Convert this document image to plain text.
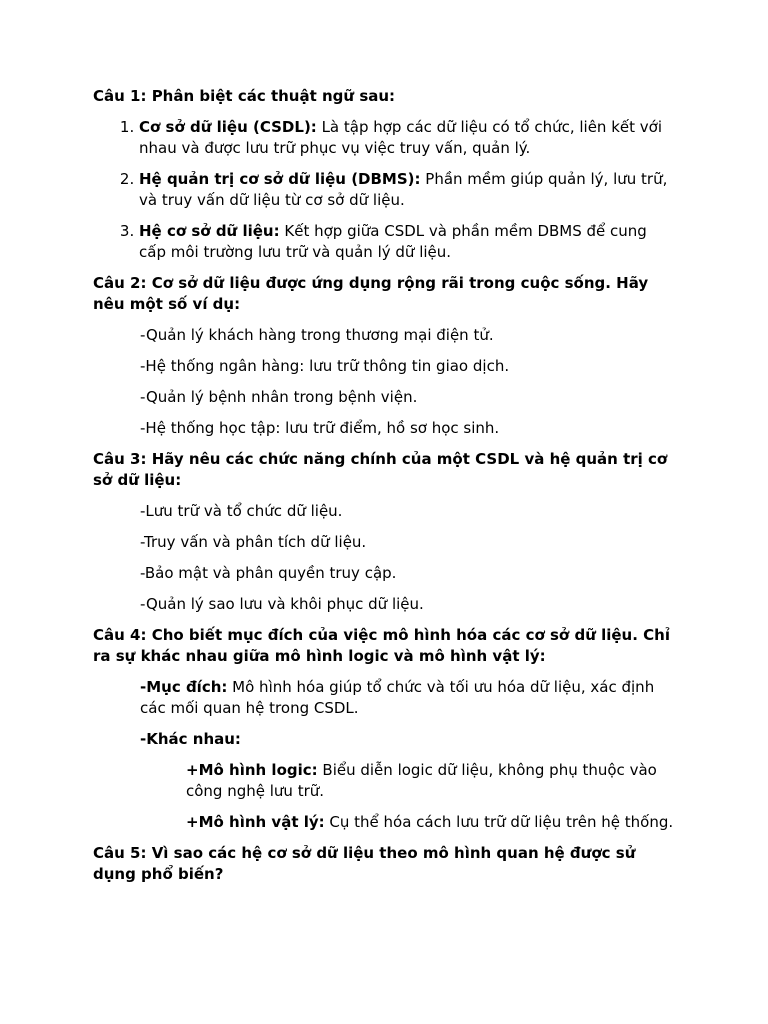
Câu 1: Phân biệt các thuật ngữ sau:
1. Cơ sở dữ liệu (CSDL): Là tập hợp các dữ liệu có tổ chức, liên kết với nhau và được lưu trữ phục vụ việc truy vấn, quản lý.
2. Hệ quản trị cơ sở dữ liệu (DBMS): Phần mềm giúp quản lý, lưu trữ, và truy vấn dữ liệu từ cơ sở dữ liệu.
3. Hệ cơ sở dữ liệu: Kết hợp giữa CSDL và phần mềm DBMS để cung cấp môi trường lưu trữ và quản lý dữ liệu.
Câu 2: Cơ sở dữ liệu được ứng dụng rộng rãi trong cuộc sống. Hãy nêu một số ví dụ:
-Quản lý khách hàng trong thương mại điện tử.
-Hệ thống ngân hàng: lưu trữ thông tin giao dịch.
-Quản lý bệnh nhân trong bệnh viện.
-Hệ thống học tập: lưu trữ điểm, hồ sơ học sinh.
Câu 3: Hãy nêu các chức năng chính của một CSDL và hệ quản trị cơ sở dữ liệu:
-Lưu trữ và tổ chức dữ liệu.
-Truy vấn và phân tích dữ liệu.
-Bảo mật và phân quyền truy cập.
-Quản lý sao lưu và khôi phục dữ liệu.
Câu 4: Cho biết mục đích của việc mô hình hóa các cơ sở dữ liệu. Chỉ ra sự khác nhau giữa mô hình logic và mô hình vật lý:
-Mục đích: Mô hình hóa giúp tổ chức và tối ưu hóa dữ liệu, xác định các mối quan hệ trong CSDL.
-Khác nhau:
+Mô hình logic: Biểu diễn logic dữ liệu, không phụ thuộc vào công nghệ lưu trữ.
+Mô hình vật lý: Cụ thể hóa cách lưu trữ dữ liệu trên hệ thống.
Câu 5: Vì sao các hệ cơ sở dữ liệu theo mô hình quan hệ được sử dụng phổ biến?
